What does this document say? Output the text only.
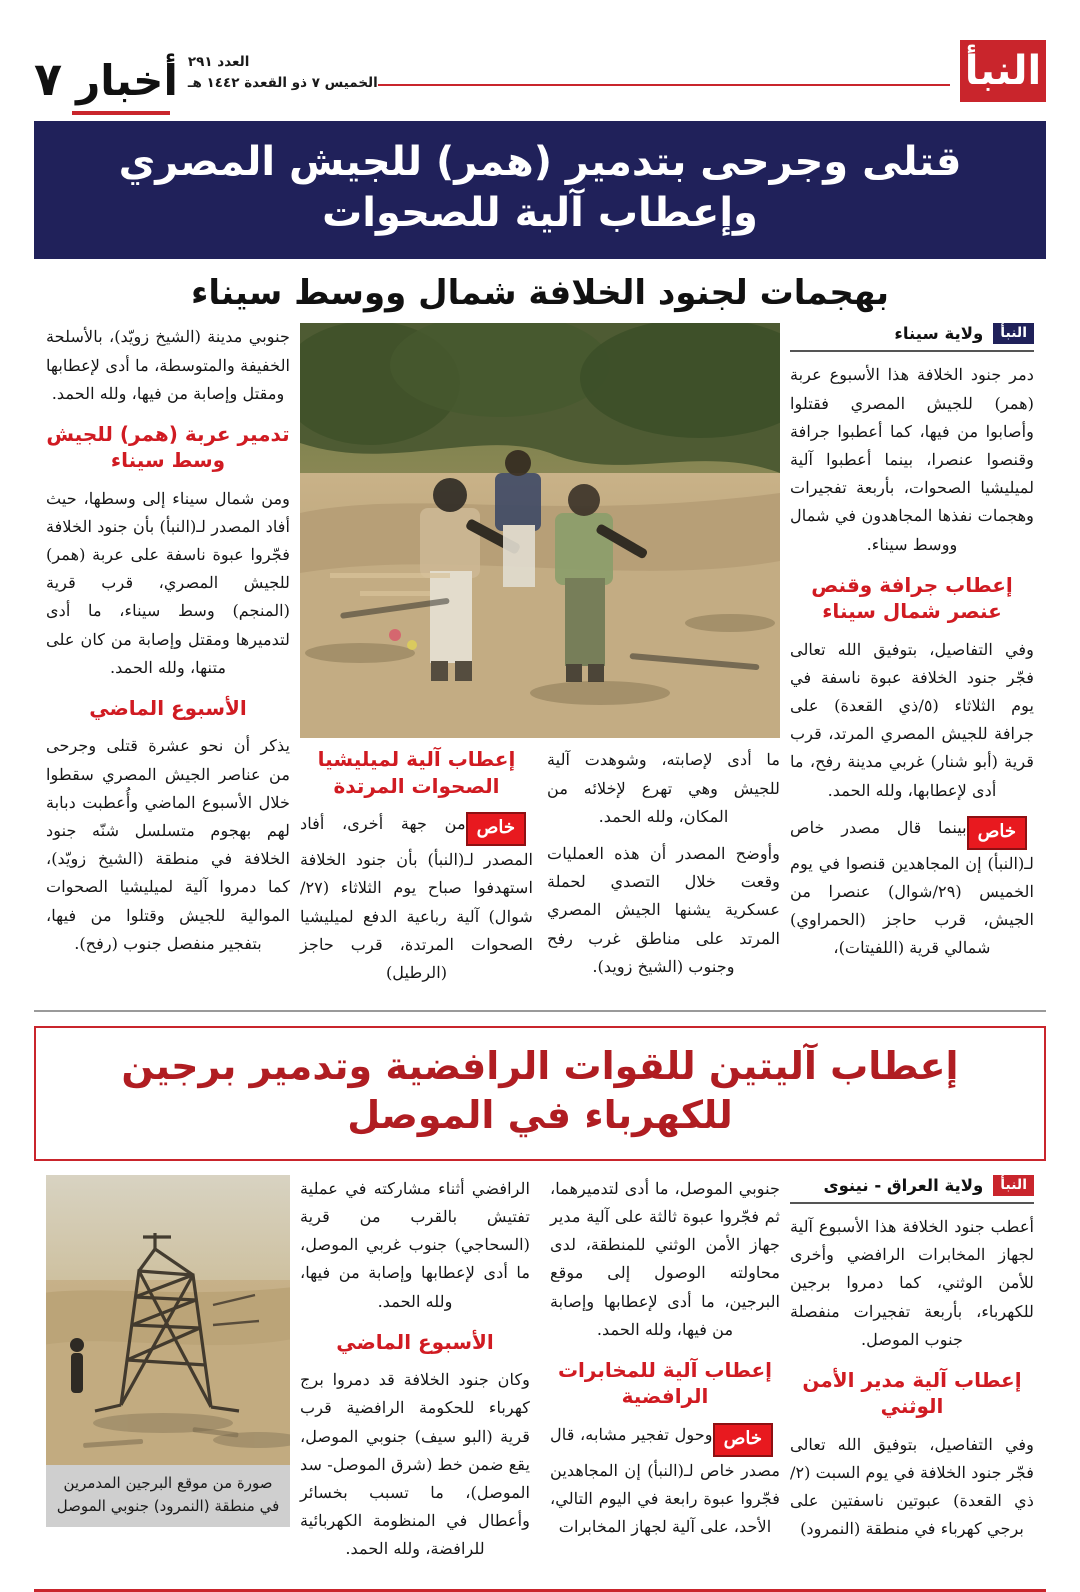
النبأ
العدد ٢٩١
الخميس ٧ ذو القعدة ١٤٤٢ هـ
أخبار
٧
قتلى وجرحى بتدمير (همر) للجيش المصري
وإعطاب آلية للصحوات
بهجمات لجنود الخلافة شمال ووسط سيناء
النبأ
ولاية سيناء

دمر جنود الخلافة هذا الأسبوع عربة (همر) للجيش المصري فقتلوا وأصابوا من فيها، كما أعطبوا جرافة وقنصوا عنصرا، بينما أعطبوا آلية لميليشيا الصحوات، بأربعة تفجيرات وهجمات نفذها المجاهدون في شمال ووسط سيناء.

إعطاب جرافة وقنص عنصر شمال سيناء

وفي التفاصيل، بتوفيق الله تعالى فجّر جنود الخلافة عبوة ناسفة في يوم الثلاثاء (٥/ذي القعدة) على جرافة للجيش المصري المرتد، قرب قرية (أبو شنار) غربي مدينة رفح، ما أدى لإعطابها، ولله الحمد.

خاصبينما قال مصدر خاص لـ(النبأ) إن المجاهدين قنصوا في يوم الخميس (٢٩/شوال) عنصرا من الجيش، قرب حاجز (الحمراوي) شمالي قرية (اللفيتات)،

ما أدى لإصابته، وشوهدت آلية للجيش وهي تهرع لإخلائه من المكان، ولله الحمد.

وأوضح المصدر أن هذه العمليات وقعت خلال التصدي لحملة عسكرية يشنها الجيش المصري المرتد على مناطق غرب رفح وجنوب (الشيخ زويد).

إعطاب آلية لميليشيا الصحوات المرتدة

خاصمن جهة أخرى، أفاد المصدر لـ(النبأ) بأن جنود الخلافة استهدفوا صباح يوم الثلاثاء (٢٧/شوال) آلية رباعية الدفع لميليشيا الصحوات المرتدة، قرب حاجز (الرطيل)

جنوبي مدينة (الشيخ زويّد)، بالأسلحة الخفيفة والمتوسطة، ما أدى لإعطابها ومقتل وإصابة من فيها، ولله الحمد.

تدمير عربة (همر) للجيش وسط سيناء

ومن شمال سيناء إلى وسطها، حيث أفاد المصدر لـ(النبأ) بأن جنود الخلافة فجّروا عبوة ناسفة على عربة (همر) للجيش المصري، قرب قرية (المنجم) وسط سيناء، ما أدى لتدميرها ومقتل وإصابة من كان على متنها، ولله الحمد.

الأسبوع الماضي

يذكر أن نحو عشرة قتلى وجرحى من عناصر الجيش المصري سقطوا خلال الأسبوع الماضي وأُعطبت دبابة لهم بهجوم متسلسل شنّه جنود الخلافة في منطقة (الشيخ زويّد)، كما دمروا آلية لميليشيا الصحوات الموالية للجيش وقتلوا من فيها، بتفجير منفصل جنوب (رفح).

إعطاب آليتين للقوات الرافضية وتدمير برجين
للكهرباء في الموصل
النبأ
ولاية العراق - نينوى

أعطب جنود الخلافة هذا الأسبوع آلية لجهاز المخابرات الرافضي وأخرى للأمن الوثني، كما دمروا برجين للكهرباء، بأربعة تفجيرات منفصلة جنوب الموصل.

إعطاب آلية مدير الأمن الوثني

وفي التفاصيل، بتوفيق الله تعالى فجّر جنود الخلافة في يوم السبت (٢/ذي القعدة) عبوتين ناسفتين على برجي كهرباء في منطقة (النمرود)

جنوبي الموصل، ما أدى لتدميرهما، ثم فجّروا عبوة ثالثة على آلية مدير جهاز الأمن الوثني للمنطقة، لدى محاولته الوصول إلى موقع البرجين، ما أدى لإعطابها وإصابة من فيها، ولله الحمد.

إعطاب آلية للمخابرات الرافضية

خاصوحول تفجير مشابه، قال مصدر خاص لـ(النبأ) إن المجاهدين فجّروا عبوة رابعة في اليوم التالي، الأحد، على آلية لجهاز المخابرات

الرافضي أثناء مشاركته في عملية تفتيش بالقرب من قرية (السحاجي) جنوب غربي الموصل، ما أدى لإعطابها وإصابة من فيها، ولله الحمد.

الأسبوع الماضي

وكان جنود الخلافة قد دمروا برج كهرباء للحكومة الرافضية قرب قرية (البو سيف) جنوبي الموصل، يقع ضمن خط (شرق الموصل- سد الموصل)، ما تسبب بخسائر وأعطال في المنظومة الكهربائية للرافضة، ولله الحمد.

صورة من موقع البرجين المدمرين في منطقة (النمرود) جنوبي الموصل
